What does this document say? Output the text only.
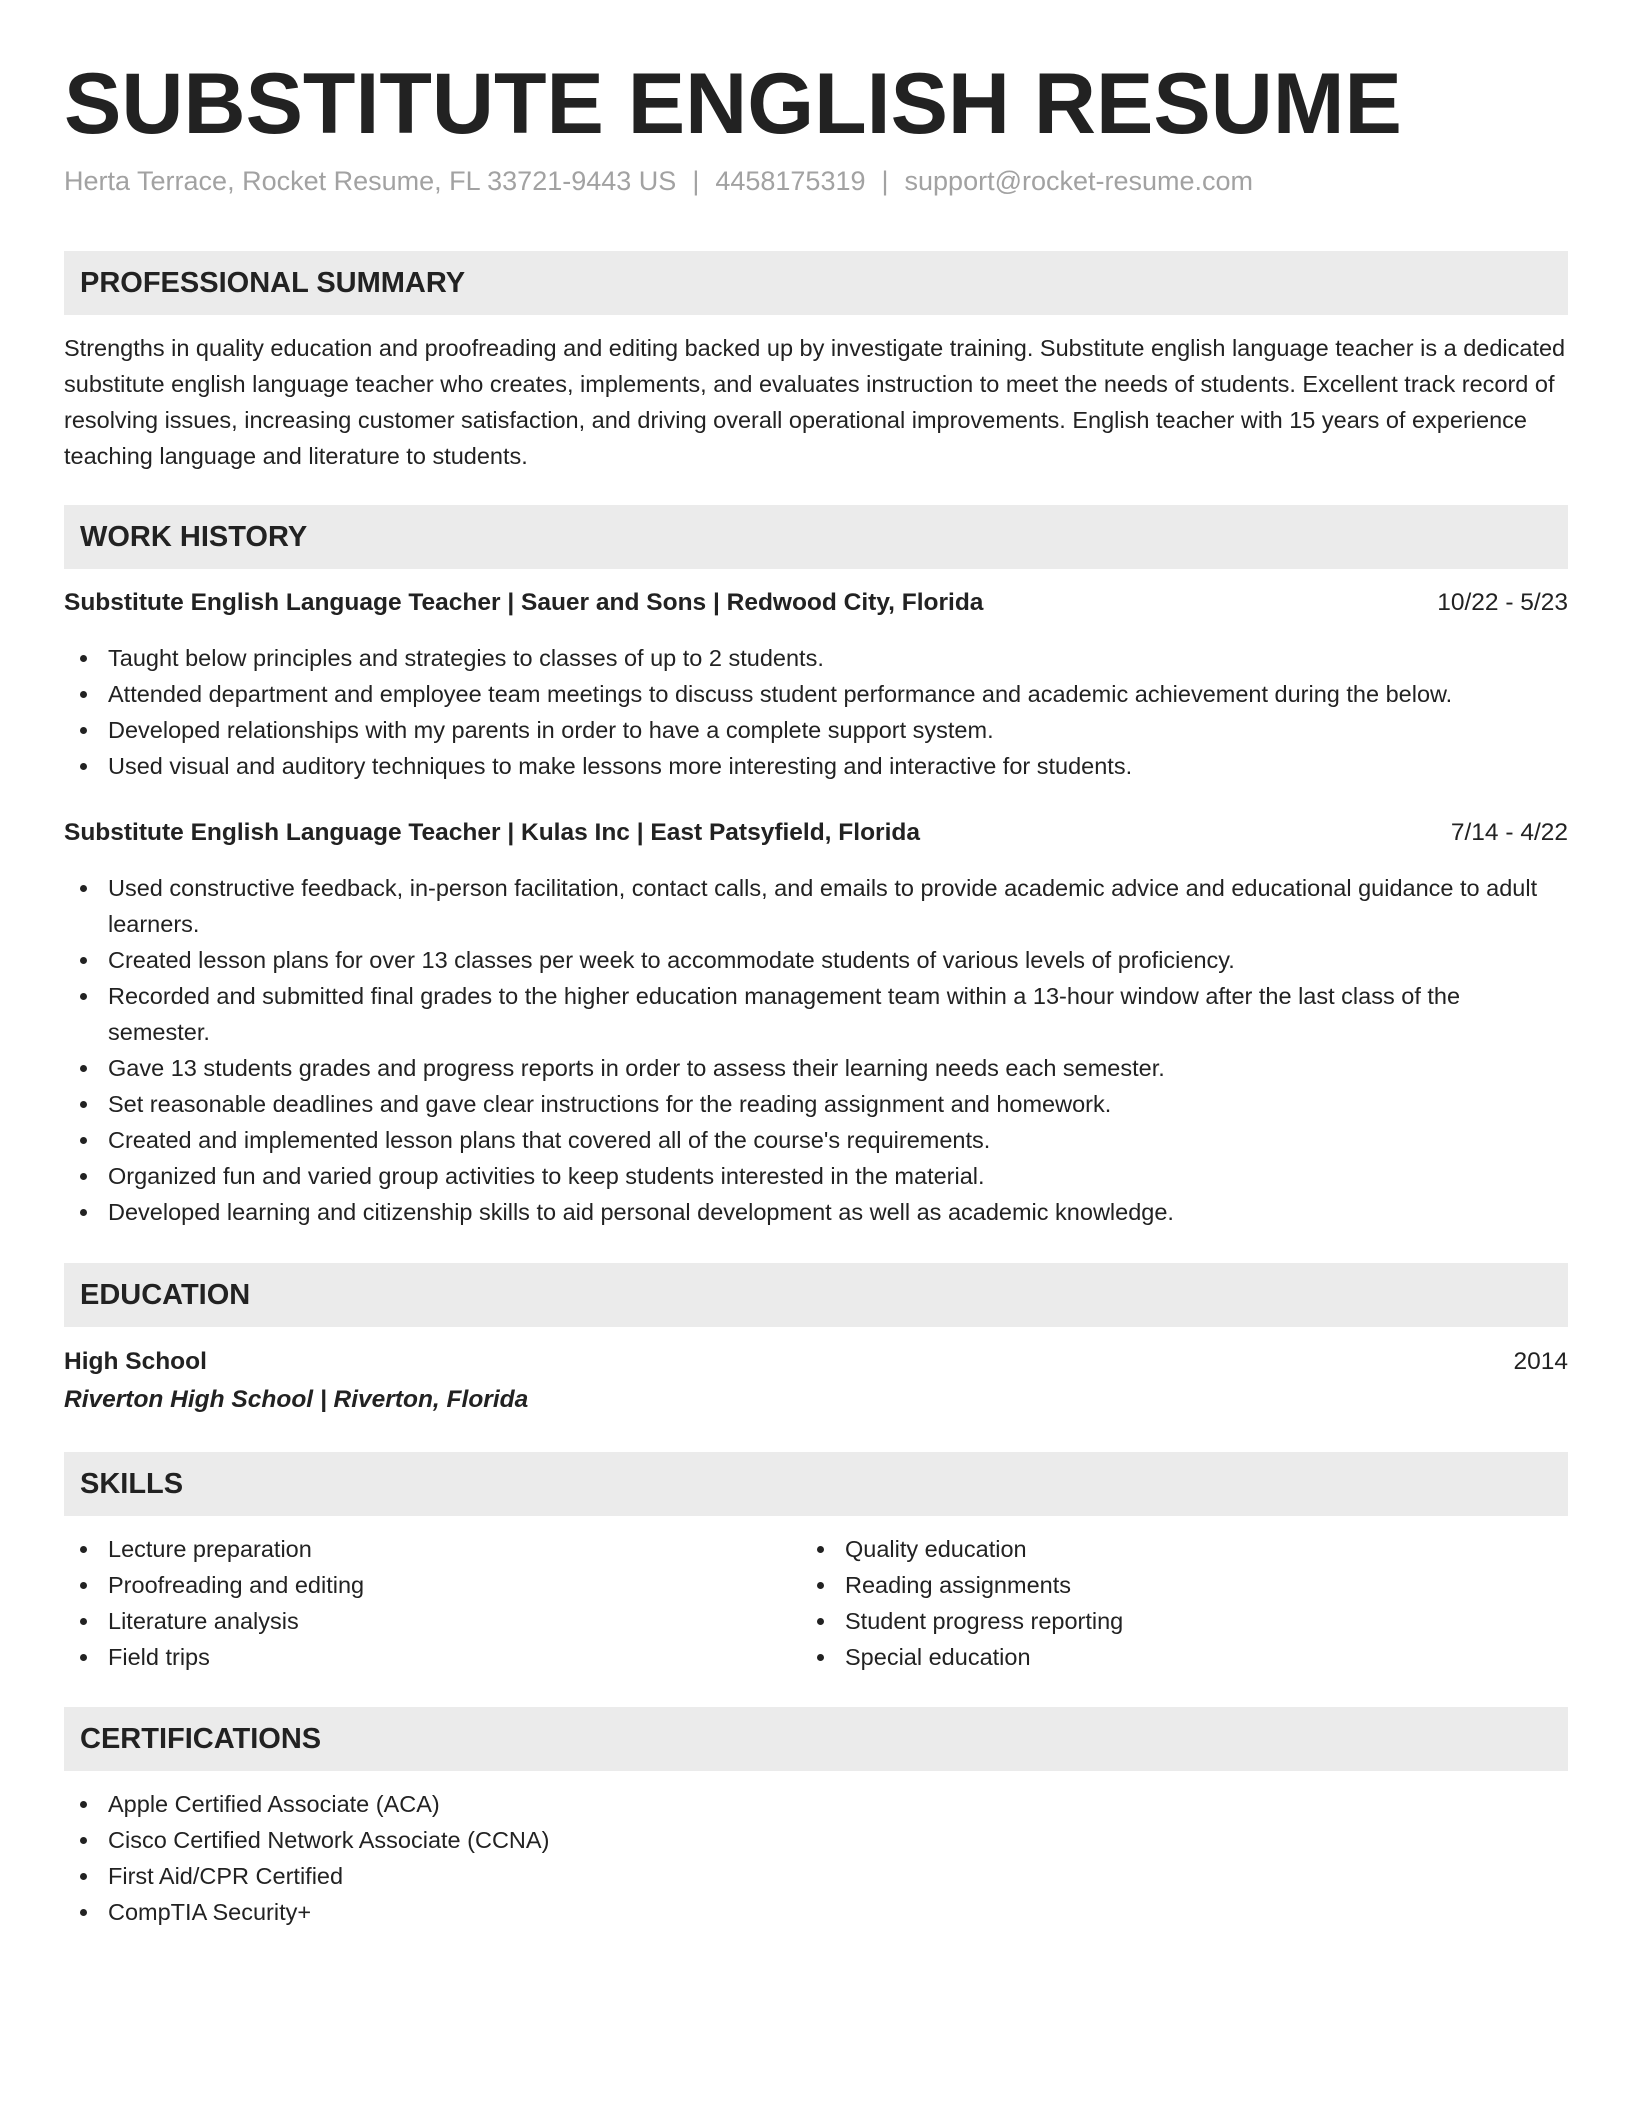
SUBSTITUTE ENGLISH RESUME
Herta Terrace, Rocket Resume, FL 33721-9443 US | 4458175319 | support@rocket-resume.com
PROFESSIONAL SUMMARY
Strengths in quality education and proofreading and editing backed up by investigate training. Substitute english language teacher is a dedicated substitute english language teacher who creates, implements, and evaluates instruction to meet the needs of students. Excellent track record of resolving issues, increasing customer satisfaction, and driving overall operational improvements. English teacher with 15 years of experience teaching language and literature to students.
WORK HISTORY
Substitute English Language Teacher | Sauer and Sons | Redwood City, Florida	10/22 - 5/23
Taught below principles and strategies to classes of up to 2 students.
Attended department and employee team meetings to discuss student performance and academic achievement during the below.
Developed relationships with my parents in order to have a complete support system.
Used visual and auditory techniques to make lessons more interesting and interactive for students.
Substitute English Language Teacher | Kulas Inc | East Patsyfield, Florida	7/14 - 4/22
Used constructive feedback, in-person facilitation, contact calls, and emails to provide academic advice and educational guidance to adult learners.
Created lesson plans for over 13 classes per week to accommodate students of various levels of proficiency.
Recorded and submitted final grades to the higher education management team within a 13-hour window after the last class of the semester.
Gave 13 students grades and progress reports in order to assess their learning needs each semester.
Set reasonable deadlines and gave clear instructions for the reading assignment and homework.
Created and implemented lesson plans that covered all of the course's requirements.
Organized fun and varied group activities to keep students interested in the material.
Developed learning and citizenship skills to aid personal development as well as academic knowledge.
EDUCATION
High School	2014
Riverton High School | Riverton, Florida
SKILLS
Lecture preparation
Proofreading and editing
Literature analysis
Field trips
Quality education
Reading assignments
Student progress reporting
Special education
CERTIFICATIONS
Apple Certified Associate (ACA)
Cisco Certified Network Associate (CCNA)
First Aid/CPR Certified
CompTIA Security+
